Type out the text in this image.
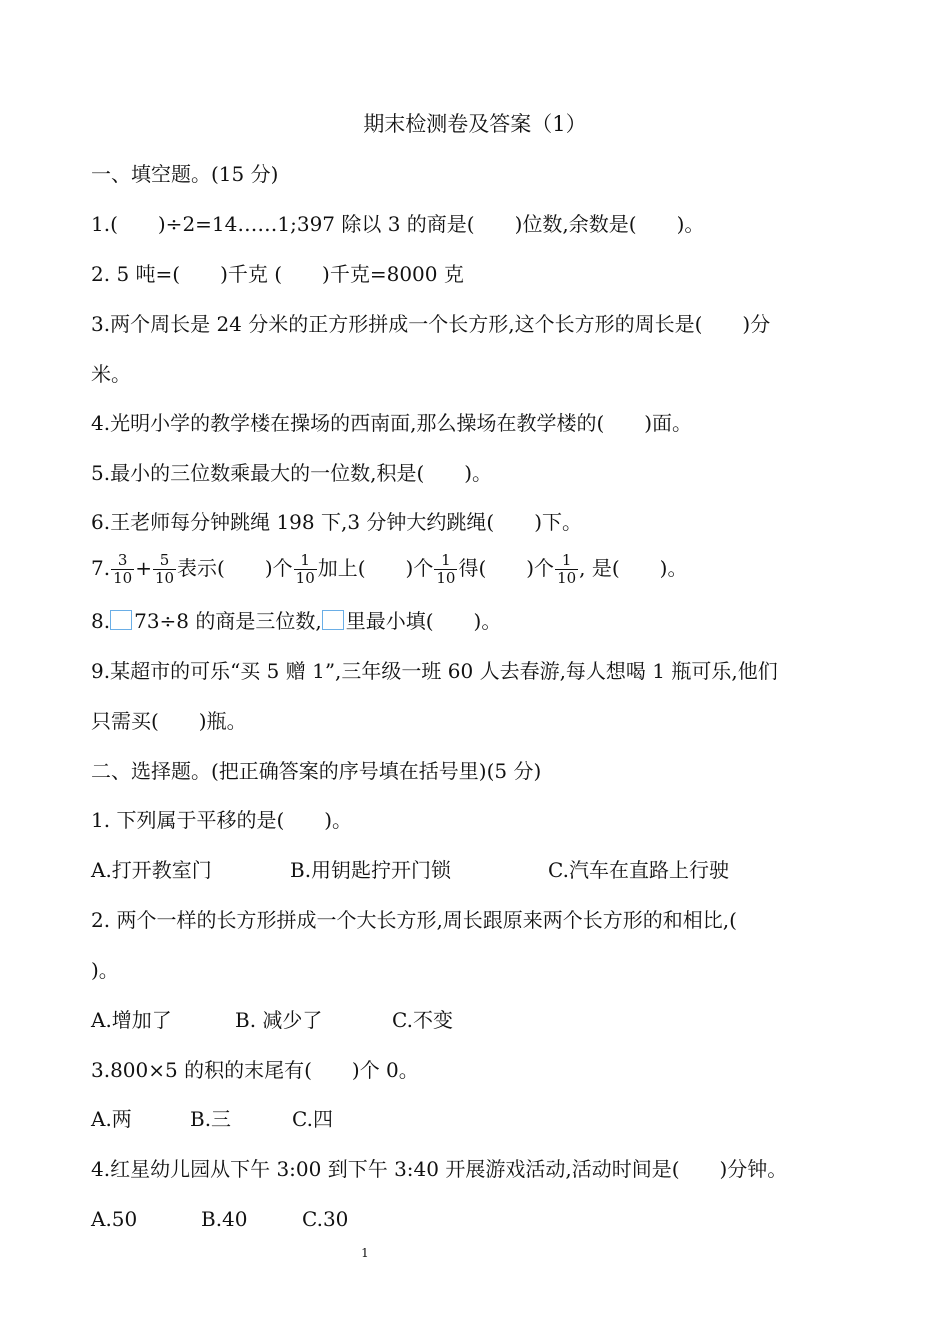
期末检测卷及答案（1）
一、填空题。(15 分)
1.(　　)÷2=14……1;397 除以 3 的商是(　　)位数,余数是(　　)。
2. 5 吨=(　　)千克 (　　)千克=8000 克
3.两个周长是 24 分米的正方形拼成一个长方形,这个长方形的周长是(　　)分
米。
4.光明小学的教学楼在操场的西南面,那么操场在教学楼的(　　)面。
5.最小的三位数乘最大的一位数,积是(　　)。
6.王老师每分钟跳绳 198 下,3 分钟大约跳绳(　　)下。
7. $\frac{3}{10} + \frac{5}{10}$ 表示(　　)个 $\frac{1}{10}$ 加上(　　)个 $\frac{1}{10}$ 得(　　)个 $\frac{1}{10}$ , 是(　　)。
8. 73÷8 的商是三位数, 里最小填(　　)。
9.某超市的可乐“买 5 赠 1”,三年级一班 60 人去春游,每人想喝 1 瓶可乐,他们
只需买(　　)瓶。
二、选择题。(把正确答案的序号填在括号里)(5 分)
1. 下列属于平移的是(　　)。
A.打开教室门	B.用钥匙拧开门锁	C.汽车在直路上行驶
2. 两个一样的长方形拼成一个大长方形,周长跟原来两个长方形的和相比,(
)。
A.增加了	B. 减少了	C.不变
3.800×5 的积的末尾有(　　)个 0。
A.两	B.三	C.四
4.红星幼儿园从下午 3:00 到下午 3:40 开展游戏活动,活动时间是(　　)分钟。
A.50	B.40	C.30
1
